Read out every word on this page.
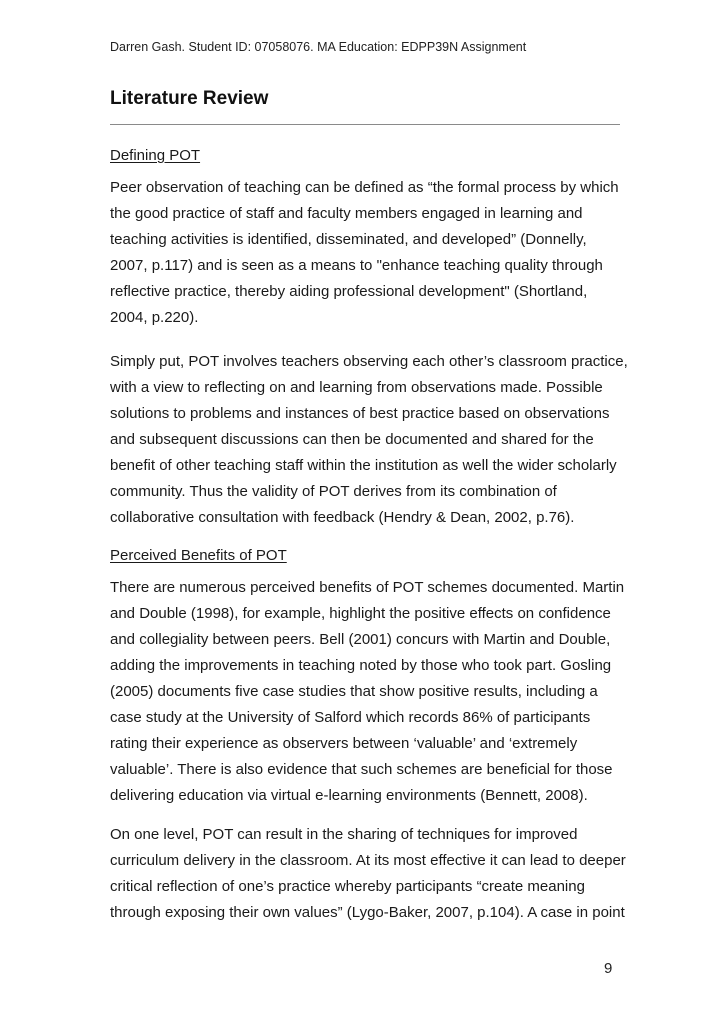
Darren Gash. Student ID: 07058076. MA Education: EDPP39N Assignment
Literature Review
Defining POT
Peer observation of teaching can be defined as “the formal process by which
the good practice of staff and faculty members engaged in learning and
teaching activities is identified, disseminated, and developed” (Donnelly,
2007, p.117) and is seen as a means to "enhance teaching quality through
reflective practice, thereby aiding professional development" (Shortland,
2004, p.220).
Simply put, POT involves teachers observing each other’s classroom practice,
with a view to reflecting on and learning from observations made. Possible
solutions to problems and instances of best practice based on observations
and subsequent discussions can then be documented and shared for the
benefit of other teaching staff within the institution as well the wider scholarly
community. Thus the validity of POT derives from its combination of
collaborative consultation with feedback (Hendry & Dean, 2002, p.76).
Perceived Benefits of POT
There are numerous perceived benefits of POT schemes documented. Martin
and Double (1998), for example, highlight the positive effects on confidence
and collegiality between peers. Bell (2001) concurs with Martin and Double,
adding the improvements in teaching noted by those who took part. Gosling
(2005) documents five case studies that show positive results, including a
case study at the University of Salford which records 86% of participants
rating their experience as observers between ‘valuable’ and ‘extremely
valuable’. There is also evidence that such schemes are beneficial for those
delivering education via virtual e-learning environments (Bennett, 2008).
On one level, POT can result in the sharing of techniques for improved
curriculum delivery in the classroom. At its most effective it can lead to deeper
critical reflection of one’s practice whereby participants “create meaning
through exposing their own values” (Lygo-Baker, 2007, p.104). A case in point
9
